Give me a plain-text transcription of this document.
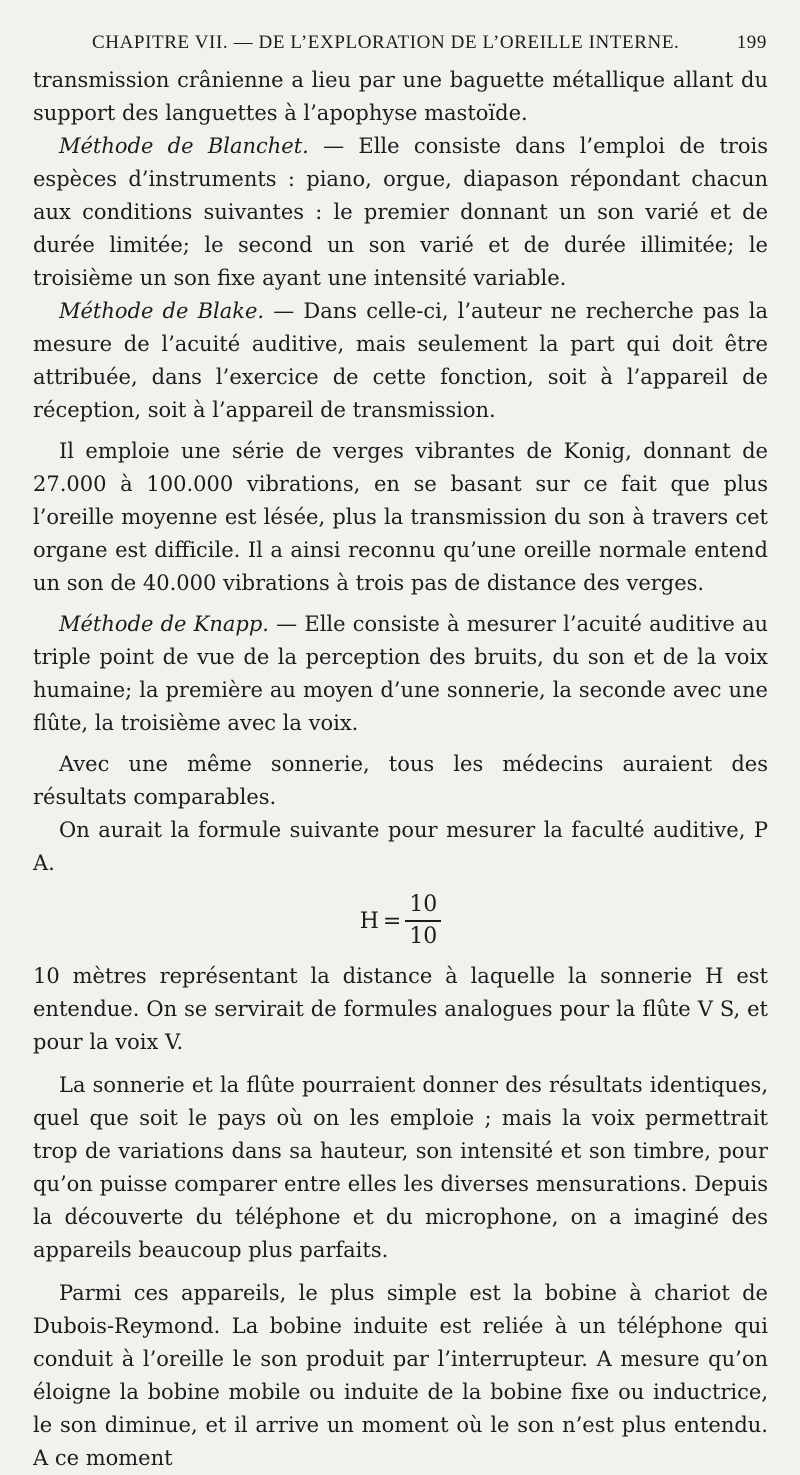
CHAPITRE VII. — DE L’EXPLORATION DE L’OREILLE INTERNE.	199

transmission crânienne a lieu par une baguette métallique allant du support des languettes à l’apophyse mastoïde.

Méthode de Blanchet. — Elle consiste dans l’emploi de trois espèces d’instruments : piano, orgue, diapason répondant chacun aux conditions suivantes : le premier donnant un son varié et de durée limitée; le second un son varié et de durée illimitée; le troisième un son fixe ayant une intensité variable.

Méthode de Blake. — Dans celle-ci, l’auteur ne recherche pas la mesure de l’acuité auditive, mais seulement la part qui doit être attribuée, dans l’exercice de cette fonction, soit à l’appareil de réception, soit à l’appareil de transmission.

Il emploie une série de verges vibrantes de Konig, donnant de 27.000 à 100.000 vibrations, en se basant sur ce fait que plus l’oreille moyenne est lésée, plus la transmission du son à travers cet organe est difficile. Il a ainsi reconnu qu’une oreille normale entend un son de 40.000 vibrations à trois pas de distance des verges.

Méthode de Knapp. — Elle consiste à mesurer l’acuité auditive au triple point de vue de la perception des bruits, du son et de la voix humaine; la première au moyen d’une sonnerie, la seconde avec une flûte, la troisième avec la voix.

Avec une même sonnerie, tous les médecins auraient des résultats comparables.

On aurait la formule suivante pour mesurer la faculté auditive, P A.

$H = \frac{10}{10}$

10 mètres représentant la distance à laquelle la sonnerie H est entendue. On se servirait de formules analogues pour la flûte V S, et pour la voix V.

La sonnerie et la flûte pourraient donner des résultats identiques, quel que soit le pays où on les emploie ; mais la voix permettrait trop de variations dans sa hauteur, son intensité et son timbre, pour qu’on puisse comparer entre elles les diverses mensurations. Depuis la découverte du téléphone et du microphone, on a imaginé des appareils beaucoup plus parfaits.

Parmi ces appareils, le plus simple est la bobine à chariot de Dubois-Reymond. La bobine induite est reliée à un téléphone qui conduit à l’oreille le son produit par l’interrupteur. A mesure qu’on éloigne la bobine mobile ou induite de la bobine fixe ou inductrice, le son diminue, et il arrive un moment où le son n’est plus entendu. A ce moment
